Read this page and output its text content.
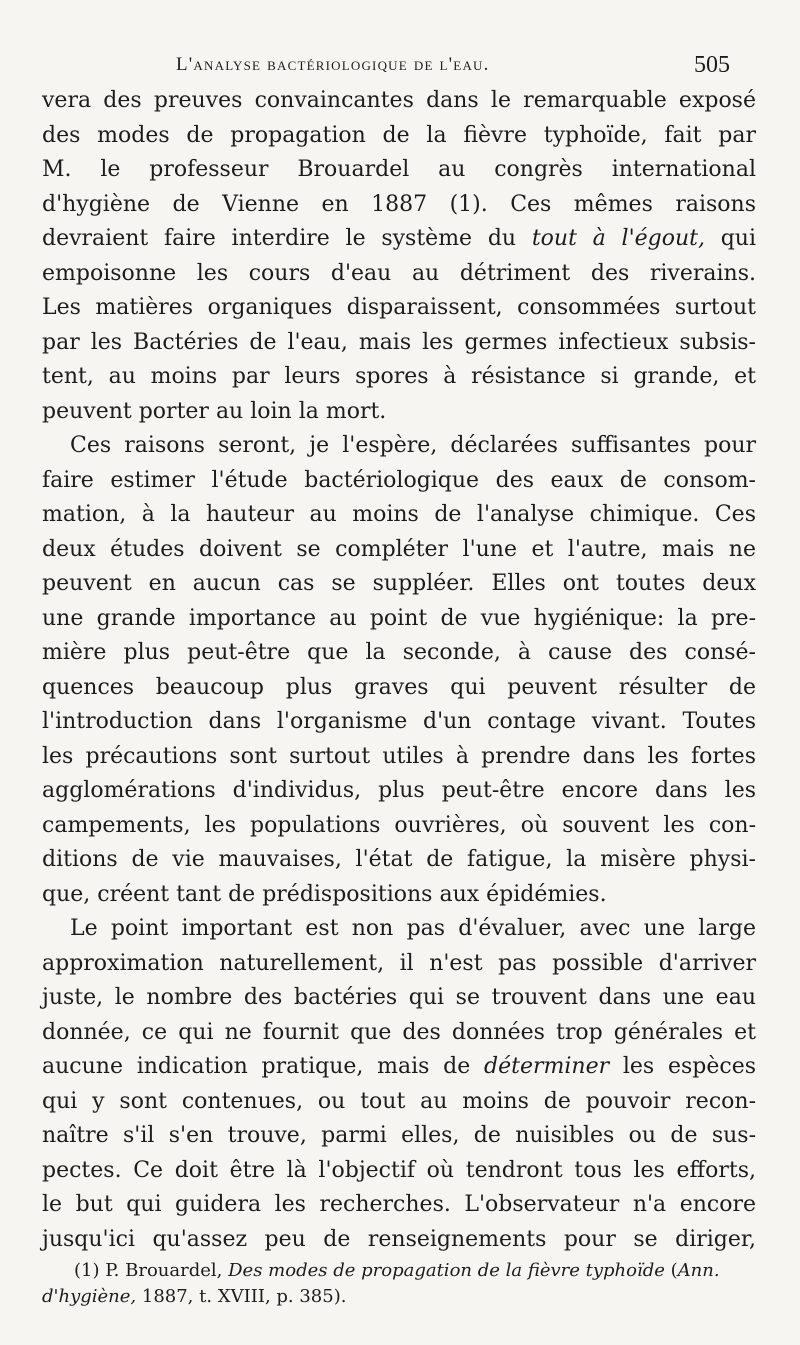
L'analyse bactériologique de l'eau.	505
vera des preuves convaincantes dans le remarquable exposé
des modes de propagation de la fièvre typhoïde, fait par
M. le professeur Brouardel au congrès international
d'hygiène de Vienne en 1887 (1). Ces mêmes raisons
devraient faire interdire le système du tout à l'égout, qui
empoisonne les cours d'eau au détriment des riverains.
Les matières organiques disparaissent, consommées surtout
par les Bactéries de l'eau, mais les germes infectieux subsis-
tent, au moins par leurs spores à résistance si grande, et
peuvent porter au loin la mort.
Ces raisons seront, je l'espère, déclarées suffisantes pour
faire estimer l'étude bactériologique des eaux de consom-
mation, à la hauteur au moins de l'analyse chimique. Ces
deux études doivent se compléter l'une et l'autre, mais ne
peuvent en aucun cas se suppléer. Elles ont toutes deux
une grande importance au point de vue hygiénique: la pre-
mière plus peut-être que la seconde, à cause des consé-
quences beaucoup plus graves qui peuvent résulter de
l'introduction dans l'organisme d'un contage vivant. Toutes
les précautions sont surtout utiles à prendre dans les fortes
agglomérations d'individus, plus peut-être encore dans les
campements, les populations ouvrières, où souvent les con-
ditions de vie mauvaises, l'état de fatigue, la misère physi-
que, créent tant de prédispositions aux épidémies.
Le point important est non pas d'évaluer, avec une large
approximation naturellement, il n'est pas possible d'arriver
juste, le nombre des bactéries qui se trouvent dans une eau
donnée, ce qui ne fournit que des données trop générales et
aucune indication pratique, mais de déterminer les espèces
qui y sont contenues, ou tout au moins de pouvoir recon-
naître s'il s'en trouve, parmi elles, de nuisibles ou de sus-
pectes. Ce doit être là l'objectif où tendront tous les efforts,
le but qui guidera les recherches. L'observateur n'a encore
jusqu'ici qu'assez peu de renseignements pour se diriger,
(1) P. Brouardel, Des modes de propagation de la fièvre typhoïde (Ann.
d'hygiène, 1887, t. XVIII, p. 385).
